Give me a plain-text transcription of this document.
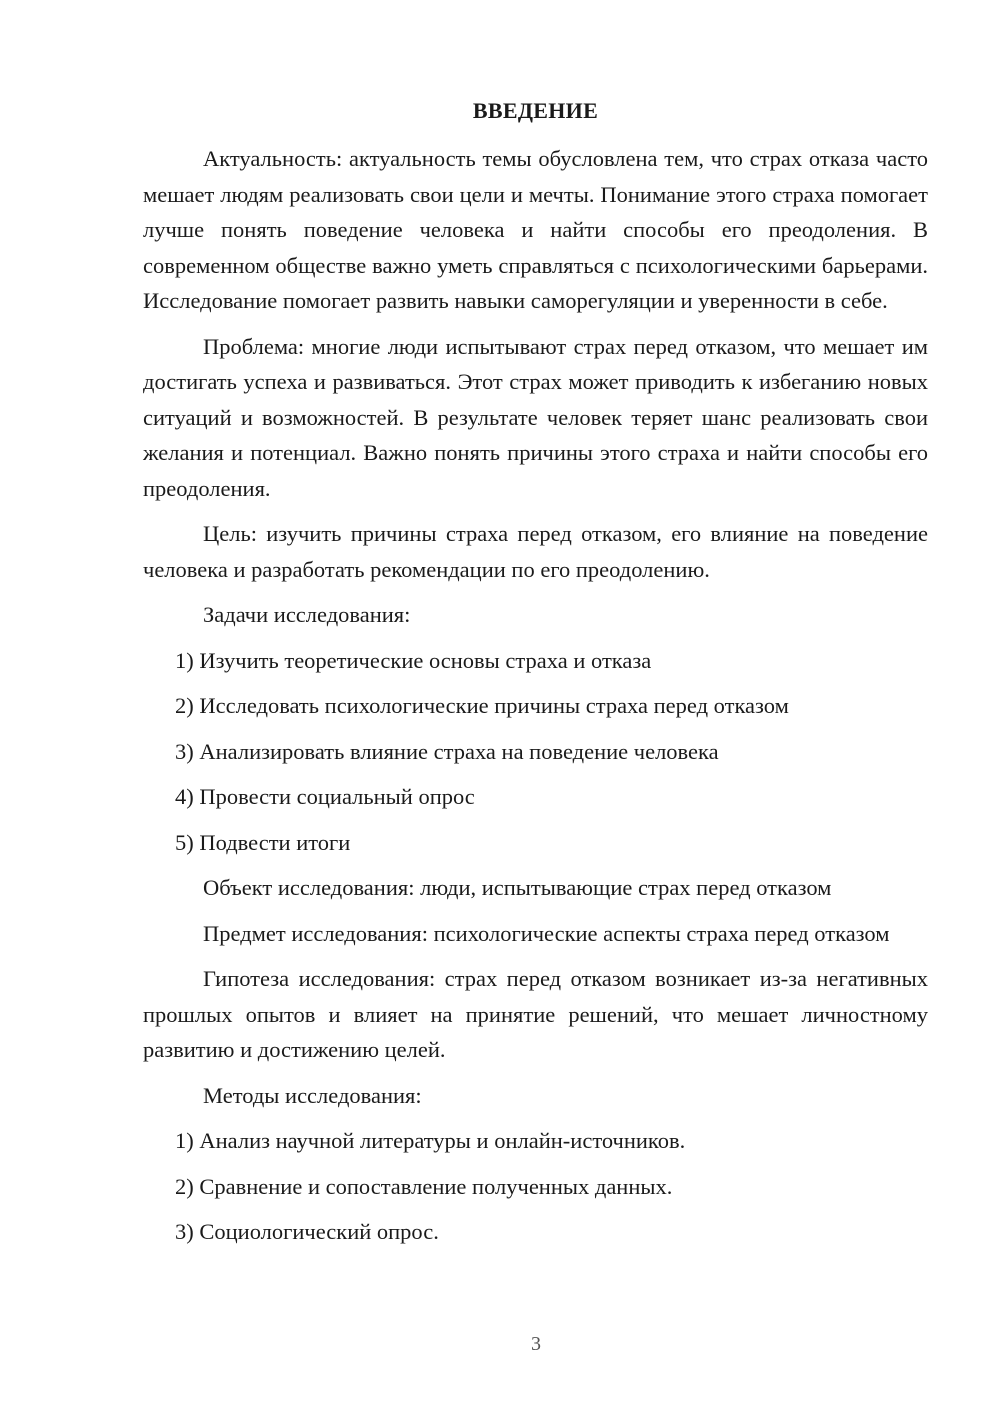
ВВЕДЕНИЕ

Актуальность: актуальность темы обусловлена тем, что страх отказа часто мешает людям реализовать свои цели и мечты. Понимание этого страха помогает лучше понять поведение человека и найти способы его преодоления. В современном обществе важно уметь справляться с психологическими барьерами. Исследование помогает развить навыки саморегуляции и уверенности в себе.

Проблема: многие люди испытывают страх перед отказом, что мешает им достигать успеха и развиваться. Этот страх может приводить к избеганию новых ситуаций и возможностей. В результате человек теряет шанс реализовать свои желания и потенциал. Важно понять причины этого страха и найти способы его преодоления.

Цель: изучить причины страха перед отказом, его влияние на поведение человека и разработать рекомендации по его преодолению.

Задачи исследования:

1) Изучить теоретические основы страха и отказа
2) Исследовать психологические причины страха перед отказом
3) Анализировать влияние страха на поведение человека
4) Провести социальный опрос
5) Подвести итоги

Объект исследования: люди, испытывающие страх перед отказом

Предмет исследования: психологические аспекты страха перед отказом

Гипотеза исследования: страх перед отказом возникает из-за негативных прошлых опытов и влияет на принятие решений, что мешает личностному развитию и достижению целей.

Методы исследования:

1) Анализ научной литературы и онлайн-источников.
2) Сравнение и сопоставление полученных данных.
3) Социологический опрос.
3
